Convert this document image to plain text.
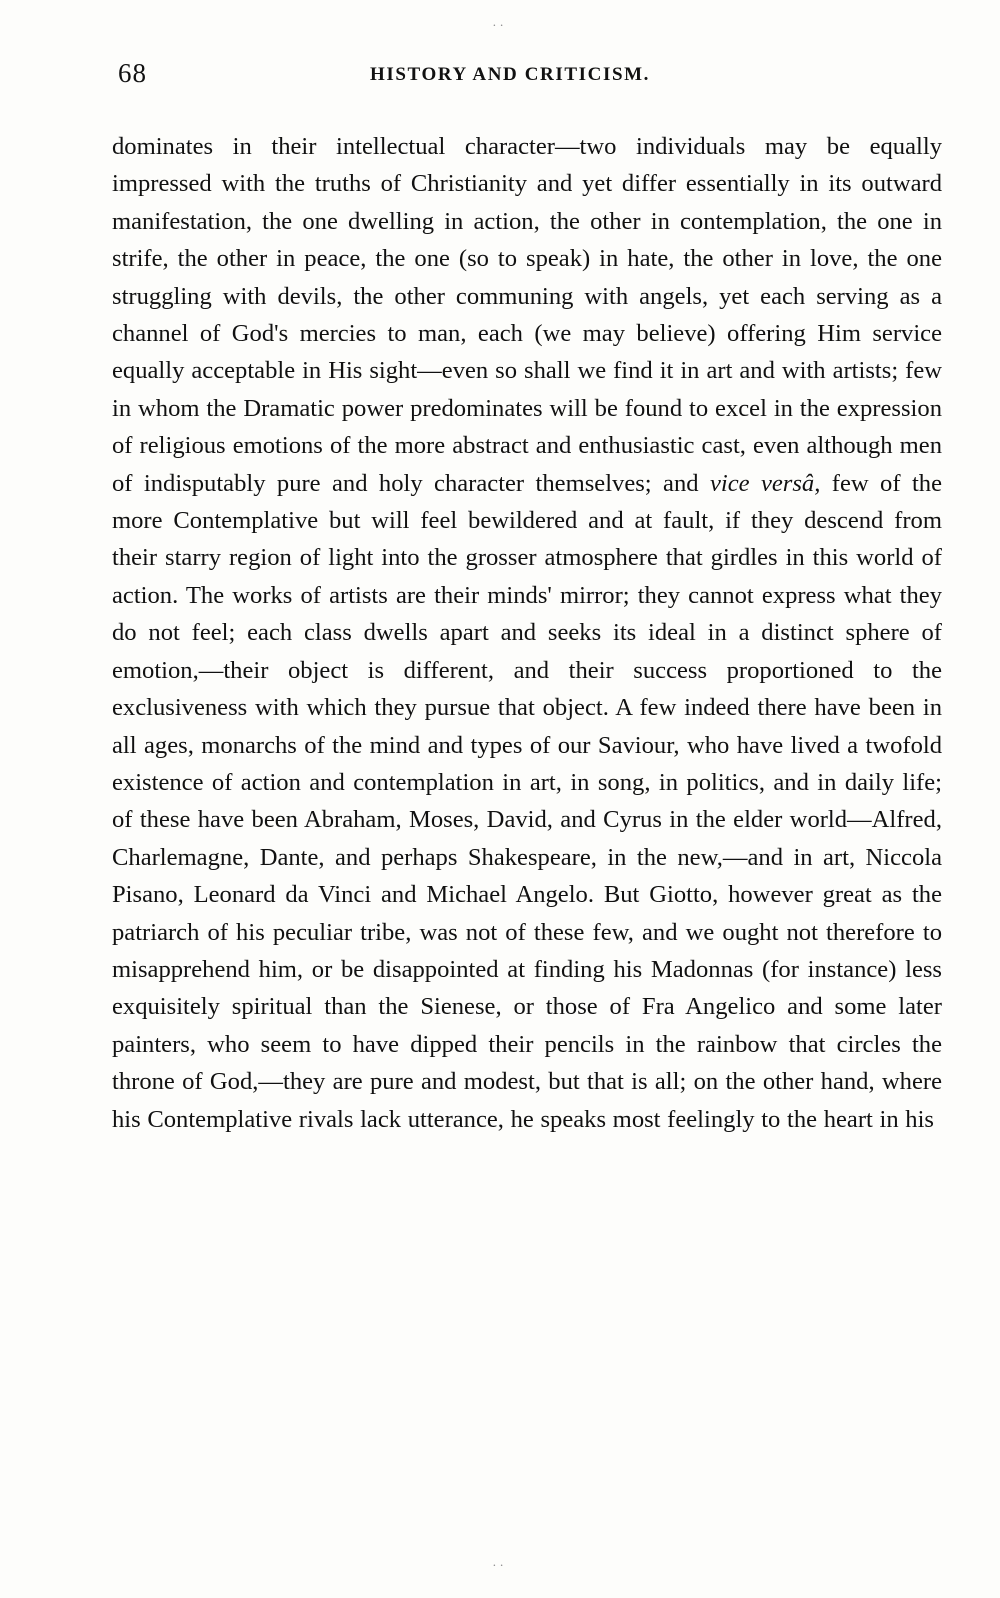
..
68	HISTORY AND CRITICISM.

dominates in their intellectual character—two individuals may be equally impressed with the truths of Christianity and yet differ essentially in its outward manifestation, the one dwelling in action, the other in contemplation, the one in strife, the other in peace, the one (so to speak) in hate, the other in love, the one struggling with devils, the other communing with angels, yet each serving as a channel of God's mercies to man, each (we may believe) offering Him service equally acceptable in His sight—even so shall we find it in art and with artists; few in whom the Dramatic power predominates will be found to excel in the expression of religious emotions of the more abstract and enthusiastic cast, even although men of indisputably pure and holy character themselves; and vice versâ, few of the more Contemplative but will feel bewildered and at fault, if they descend from their starry region of light into the grosser atmosphere that girdles in this world of action. The works of artists are their minds' mirror; they cannot express what they do not feel; each class dwells apart and seeks its ideal in a distinct sphere of emotion,—their object is different, and their success proportioned to the exclusiveness with which they pursue that object. A few indeed there have been in all ages, monarchs of the mind and types of our Saviour, who have lived a twofold existence of action and contemplation in art, in song, in politics, and in daily life; of these have been Abraham, Moses, David, and Cyrus in the elder world—Alfred, Charlemagne, Dante, and perhaps Shakespeare, in the new,—and in art, Niccola Pisano, Leonard da Vinci and Michael Angelo. But Giotto, however great as the patriarch of his peculiar tribe, was not of these few, and we ought not therefore to misapprehend him, or be disappointed at finding his Madonnas (for instance) less exquisitely spiritual than the Sienese, or those of Fra Angelico and some later painters, who seem to have dipped their pencils in the rainbow that circles the throne of God,—they are pure and modest, but that is all; on the other hand, where his Contemplative rivals lack utterance, he speaks most feelingly to the heart in his

..
